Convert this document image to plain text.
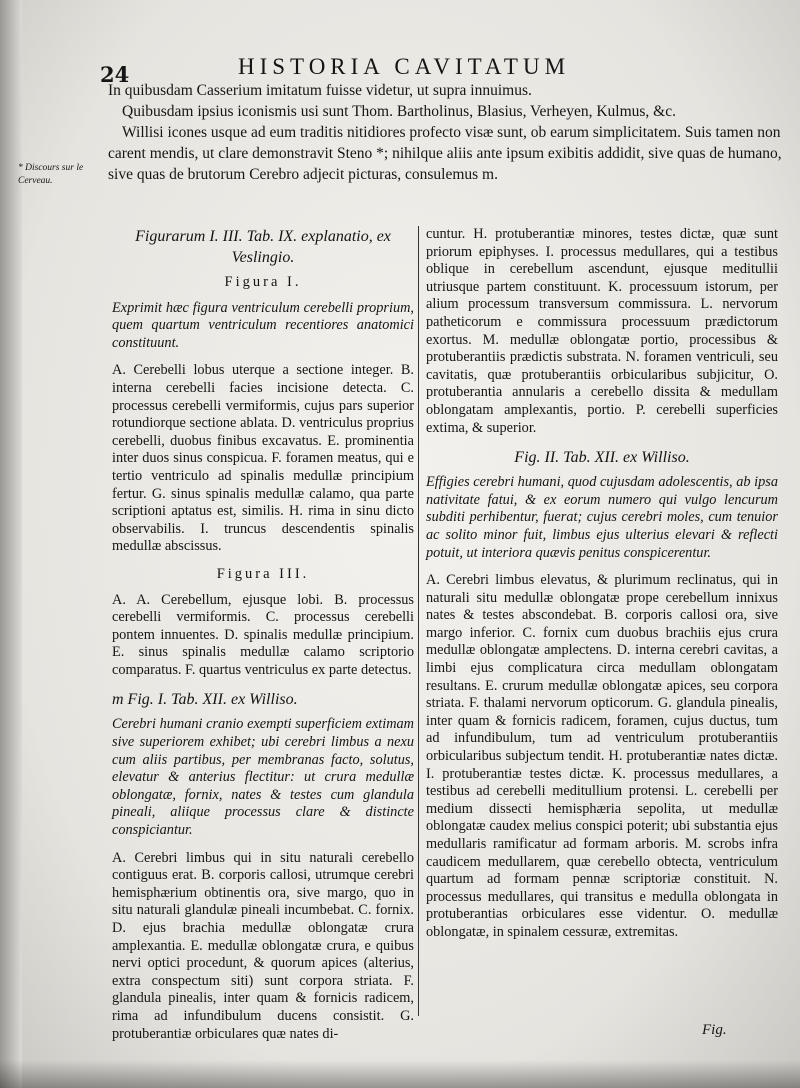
24	HISTORIA CAVITATUM

In quibusdam Casserium imitatum fuisse videtur, ut supra innuimus.

Quibusdam ipsius iconismis usi sunt Thom. Bartholinus, Blasius, Verheyen, Kulmus, &c.

Willisi icones usque ad eum traditis nitidiores profecto visæ sunt, ob earum simplicitatem. Suis tamen non carent mendis, ut clare demonstravit Steno *; nihilque aliis ante ipsum exibitis addidit, sive quas de humano, sive quas de brutorum Cerebro adjecit picturas, consulemus m.

* Discours sur le Cerveau.
Figurarum I. III. Tab. IX. explanatio, ex Veslingio.
Figura I.

Exprimit hæc figura ventriculum cerebelli proprium, quem quartum ventriculum recentiores anatomici constituunt.

A. Cerebelli lobus uterque a sectione integer. B. interna cerebelli facies incisione detecta. C. processus cerebelli vermiformis, cujus pars superior rotundiorque sectione ablata. D. ventriculus proprius cerebelli, duobus finibus excavatus. E. prominentia inter duos sinus conspicua. F. foramen meatus, qui e tertio ventriculo ad spinalis medullæ principium fertur. G. sinus spinalis medullæ calamo, qua parte scriptioni aptatus est, similis. H. rima in sinu dicto observabilis. I. truncus descendentis spinalis medullæ abscissus.

Figura III.

A. A. Cerebellum, ejusque lobi. B. processus cerebelli vermiformis. C. processus cerebelli pontem innuentes. D. spinalis medullæ principium. E. sinus spinalis medullæ calamo scriptorio comparatus. F. quartus ventriculus ex parte detectus.

m Fig. I. Tab. XII. ex Williso.

Cerebri humani cranio exempti superficiem extimam sive superiorem exhibet; ubi cerebri limbus a nexu cum aliis partibus, per membranas facto, solutus, elevatur & anterius flectitur: ut crura medullæ oblongatæ, fornix, nates & testes cum glandula pineali, aliique processus clare & distincte conspiciantur.

A. Cerebri limbus qui in situ naturali cerebello contiguus erat. B. corporis callosi, utrumque cerebri hemisphærium obtinentis ora, sive margo, quo in situ naturali glandulæ pineali incumbebat. C. fornix. D. ejus brachia medullæ oblongatæ crura amplexantia. E. medullæ oblongatæ crura, e quibus nervi optici procedunt, & quorum apices (alterius, extra conspectum siti) sunt corpora striata. F. glandula pinealis, inter quam & fornicis radicem, rima ad infundibulum ducens consistit. G. protuberantiæ orbiculares quæ nates di-

cuntur. H. protuberantiæ minores, testes dictæ, quæ sunt priorum epiphyses. I. processus medullares, qui a testibus oblique in cerebellum ascendunt, ejusque meditullii utriusque partem constituunt. K. processuum istorum, per alium processum transversum commissura. L. nervorum patheticorum e commissura processuum prædictorum exortus. M. medullæ oblongatæ portio, processibus & protuberantiis prædictis substrata. N. foramen ventriculi, seu cavitatis, quæ protuberantiis orbicularibus subjicitur, O. protuberantia annularis a cerebello dissita & medullam oblongatam amplexantis, portio. P. cerebelli superficies extima, & superior.

Fig. II. Tab. XII. ex Williso.

Effigies cerebri humani, quod cujusdam adolescentis, ab ipsa nativitate fatui, & ex eorum numero qui vulgo lencurum subditi perhibentur, fuerat; cujus cerebri moles, cum tenuior ac solito minor fuit, limbus ejus ulterius elevari & reflecti potuit, ut interiora quævis penitus conspicerentur.

A. Cerebri limbus elevatus, & plurimum reclinatus, qui in naturali situ medullæ oblongatæ prope cerebellum innixus nates & testes abscondebat. B. corporis callosi ora, sive margo inferior. C. fornix cum duobus brachiis ejus crura medullæ oblongatæ amplectens. D. interna cerebri cavitas, a limbi ejus complicatura circa medullam oblongatam resultans. E. crurum medullæ oblongatæ apices, seu corpora striata. F. thalami nervorum opticorum. G. glandula pinealis, inter quam & fornicis radicem, foramen, cujus ductus, tum ad infundibulum, tum ad ventriculum protuberantiis orbicularibus subjectum tendit. H. protuberantiæ nates dictæ. I. protuberantiæ testes dictæ. K. processus medullares, a testibus ad cerebelli meditullium protensi. L. cerebelli per medium dissecti hemisphæria sepolita, ut medullæ oblongatæ caudex melius conspici poterit; ubi substantia ejus medullaris ramificatur ad formam arboris. M. scrobs infra caudicem medullarem, quæ cerebello obtecta, ventriculum quartum ad formam pennæ scriptoriæ constituit. N. processus medullares, qui transitus e medulla oblongata in protuberantias orbiculares esse videntur. O. medullæ oblongatæ, in spinalem cessuræ, extremitas.

Fig.
